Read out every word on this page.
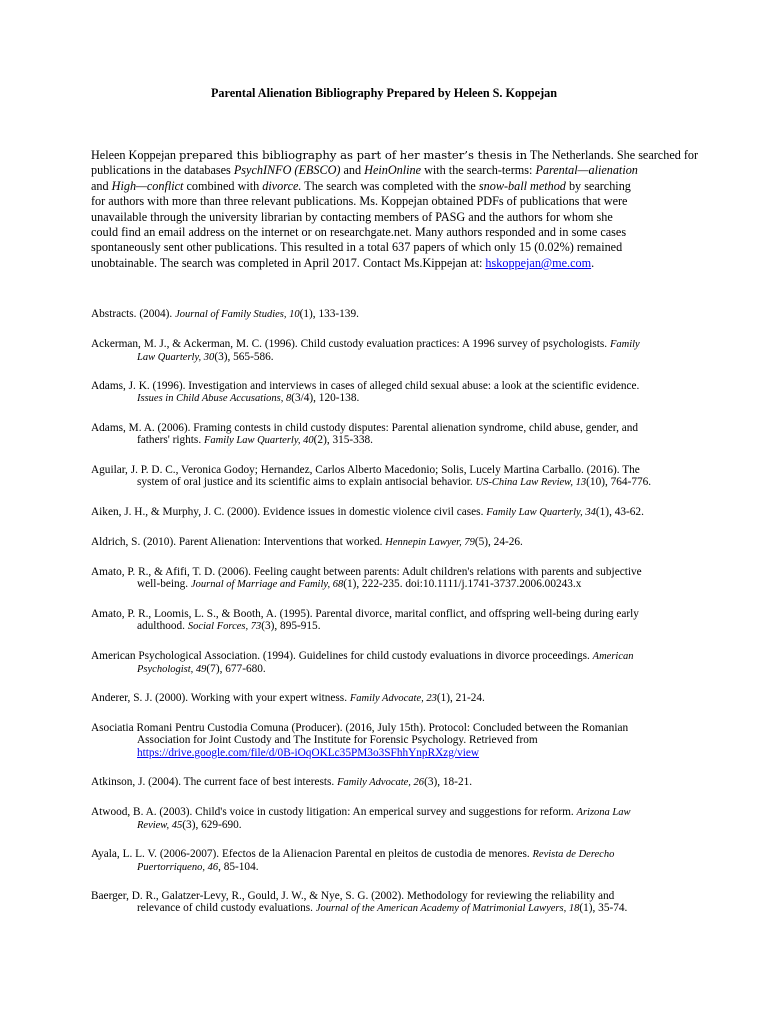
Parental Alienation Bibliography Prepared by Heleen S. Koppejan
Heleen Koppejan prepared this bibliography as part of her master’s thesis in The Netherlands. She searched for
publications in the databases PsychINFO (EBSCO) and HeinOnline with the search-terms: Parental—alienation
and High—conflict combined with divorce. The search was completed with the snow-ball method by searching
for authors with more than three relevant publications. Ms. Koppejan obtained PDFs of publications that were
unavailable through the university librarian by contacting members of PASG and the authors for whom she
could find an email address on the internet or on researchgate.net. Many authors responded and in some cases
spontaneously sent other publications. This resulted in a total 637 papers of which only 15 (0.02%) remained
unobtainable. The search was completed in April 2017. Contact Ms.Kippejan at: hskoppejan@me.com.
Abstracts. (2004). Journal of Family Studies, 10(1), 133-139.
Ackerman, M. J., & Ackerman, M. C. (1996). Child custody evaluation practices: A 1996 survey of psychologists. Family
Law Quarterly, 30(3), 565-586.
Adams, J. K. (1996). Investigation and interviews in cases of alleged child sexual abuse: a look at the scientific evidence.
Issues in Child Abuse Accusations, 8(3/4), 120-138.
Adams, M. A. (2006). Framing contests in child custody disputes: Parental alienation syndrome, child abuse, gender, and
fathers' rights. Family Law Quarterly, 40(2), 315-338.
Aguilar, J. P. D. C., Veronica Godoy; Hernandez, Carlos Alberto Macedonio; Solis, Lucely Martina Carballo. (2016). The
system of oral justice and its scientific aims to explain antisocial behavior. US-China Law Review, 13(10), 764-776.
Aiken, J. H., & Murphy, J. C. (2000). Evidence issues in domestic violence civil cases. Family Law Quarterly, 34(1), 43-62.
Aldrich, S. (2010). Parent Alienation: Interventions that worked. Hennepin Lawyer, 79(5), 24-26.
Amato, P. R., & Afifi, T. D. (2006). Feeling caught between parents: Adult children's relations with parents and subjective
well-being. Journal of Marriage and Family, 68(1), 222-235. doi:10.1111/j.1741-3737.2006.00243.x
Amato, P. R., Loomis, L. S., & Booth, A. (1995). Parental divorce, marital conflict, and offspring well-being during early
adulthood. Social Forces, 73(3), 895-915.
American Psychological Association. (1994). Guidelines for child custody evaluations in divorce proceedings. American
Psychologist, 49(7), 677-680.
Anderer, S. J. (2000). Working with your expert witness. Family Advocate, 23(1), 21-24.
Asociatia Romani Pentru Custodia Comuna (Producer). (2016, July 15th). Protocol: Concluded between the Romanian
Association for Joint Custody and The Institute for Forensic Psychology. Retrieved from
https://drive.google.com/file/d/0B-iOqOKLc35PM3o3SFhhYnpRXzg/view
Atkinson, J. (2004). The current face of best interests. Family Advocate, 26(3), 18-21.
Atwood, B. A. (2003). Child's voice in custody litigation: An emperical survey and suggestions for reform. Arizona Law
Review, 45(3), 629-690.
Ayala, L. L. V. (2006-2007). Efectos de la Alienacion Parental en pleitos de custodia de menores. Revista de Derecho
Puertorriqueno, 46, 85-104.
Baerger, D. R., Galatzer-Levy, R., Gould, J. W., & Nye, S. G. (2002). Methodology for reviewing the reliability and
relevance of child custody evaluations. Journal of the American Academy of Matrimonial Lawyers, 18(1), 35-74.
